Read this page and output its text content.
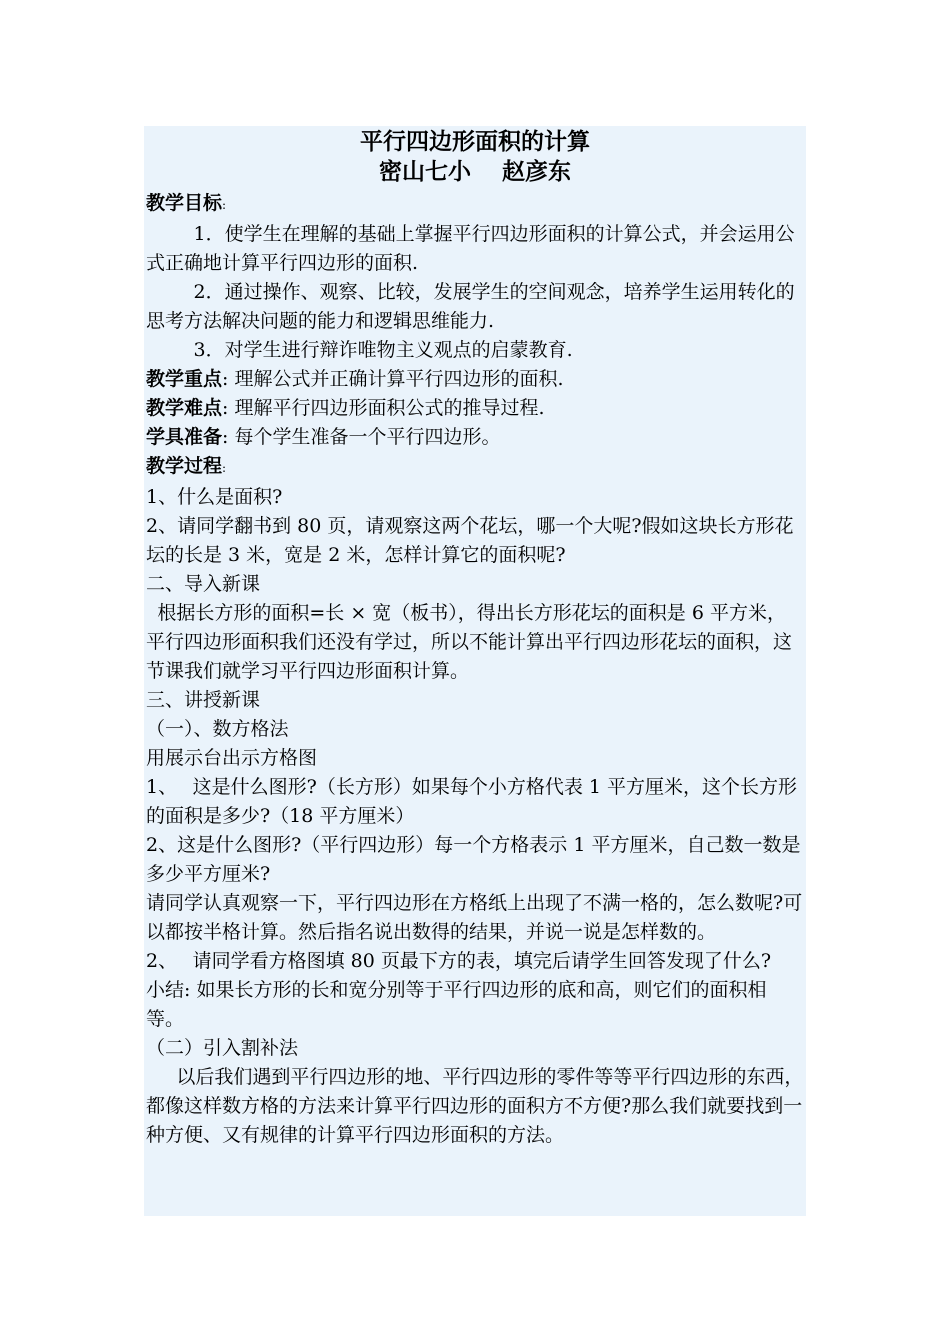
平行四边形面积的计算
密山七小　 赵彦东

教学目标:

1．使学生在理解的基础上掌握平行四边形面积的计算公式，并会运用公式正确地计算平行四边形的面积.

2．通过操作、观察、比较，发展学生的空间观念，培养学生运用转化的思考方法解决问题的能力和逻辑思维能力.

3．对学生进行辩诈唯物主义观点的启蒙教育.

教学重点: 理解公式并正确计算平行四边形的面积.

教学难点: 理解平行四边形面积公式的推导过程.

学具准备: 每个学生准备一个平行四边形。

教学过程:

1、什么是面积?

2、请同学翻书到 80 页，请观察这两个花坛，哪一个大呢?假如这块长方形花坛的长是 3 米，宽是 2 米，怎样计算它的面积呢?

二、导入新课

根据长方形的面积=长 × 宽（板书），得出长方形花坛的面积是 6 平方米，平行四边形面积我们还没有学过，所以不能计算出平行四边形花坛的面积，这节课我们就学习平行四边形面积计算。

三、讲授新课

（一）、数方格法

用展示台出示方格图

1、　 这是什么图形?（长方形）如果每个小方格代表 1 平方厘米，这个长方形的面积是多少?（18 平方厘米）

2、这是什么图形?（平行四边形）每一个方格表示 1 平方厘米，自己数一数是多少平方厘米?

请同学认真观察一下，平行四边形在方格纸上出现了不满一格的，怎么数呢?可以都按半格计算。然后指名说出数得的结果，并说一说是怎样数的。

2、　 请同学看方格图填 80 页最下方的表，填完后请学生回答发现了什么?

小结: 如果长方形的长和宽分别等于平行四边形的底和高，则它们的面积相等。

（二）引入割补法

以后我们遇到平行四边形的地、平行四边形的零件等等平行四边形的东西，都像这样数方格的方法来计算平行四边形的面积方不方便?那么我们就要找到一种方便、又有规律的计算平行四边形面积的方法。
